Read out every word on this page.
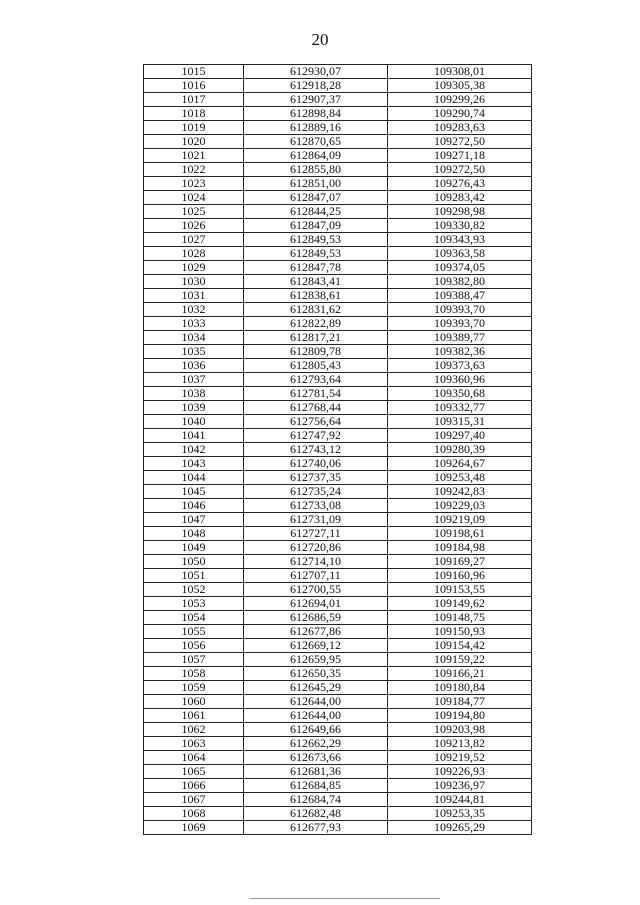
20
1015	612930,07	109308,01
1016	612918,28	109305,38
1017	612907,37	109299,26
1018	612898,84	109290,74
1019	612889,16	109283,63
1020	612870,65	109272,50
1021	612864,09	109271,18
1022	612855,80	109272,50
1023	612851,00	109276,43
1024	612847,07	109283,42
1025	612844,25	109298,98
1026	612847,09	109330,82
1027	612849,53	109343,93
1028	612849,53	109363,58
1029	612847,78	109374,05
1030	612843,41	109382,80
1031	612838,61	109388,47
1032	612831,62	109393,70
1033	612822,89	109393,70
1034	612817,21	109389,77
1035	612809,78	109382,36
1036	612805,43	109373,63
1037	612793,64	109360,96
1038	612781,54	109350,68
1039	612768,44	109332,77
1040	612756,64	109315,31
1041	612747,92	109297,40
1042	612743,12	109280,39
1043	612740,06	109264,67
1044	612737,35	109253,48
1045	612735,24	109242,83
1046	612733,08	109229,03
1047	612731,09	109219,09
1048	612727,11	109198,61
1049	612720,86	109184,98
1050	612714,10	109169,27
1051	612707,11	109160,96
1052	612700,55	109153,55
1053	612694,01	109149,62
1054	612686,59	109148,75
1055	612677,86	109150,93
1056	612669,12	109154,42
1057	612659,95	109159,22
1058	612650,35	109166,21
1059	612645,29	109180,84
1060	612644,00	109184,77
1061	612644,00	109194,80
1062	612649,66	109203,98
1063	612662,29	109213,82
1064	612673,66	109219,52
1065	612681,36	109226,93
1066	612684,85	109236,97
1067	612684,74	109244,81
1068	612682,48	109253,35
1069	612677,93	109265,29
